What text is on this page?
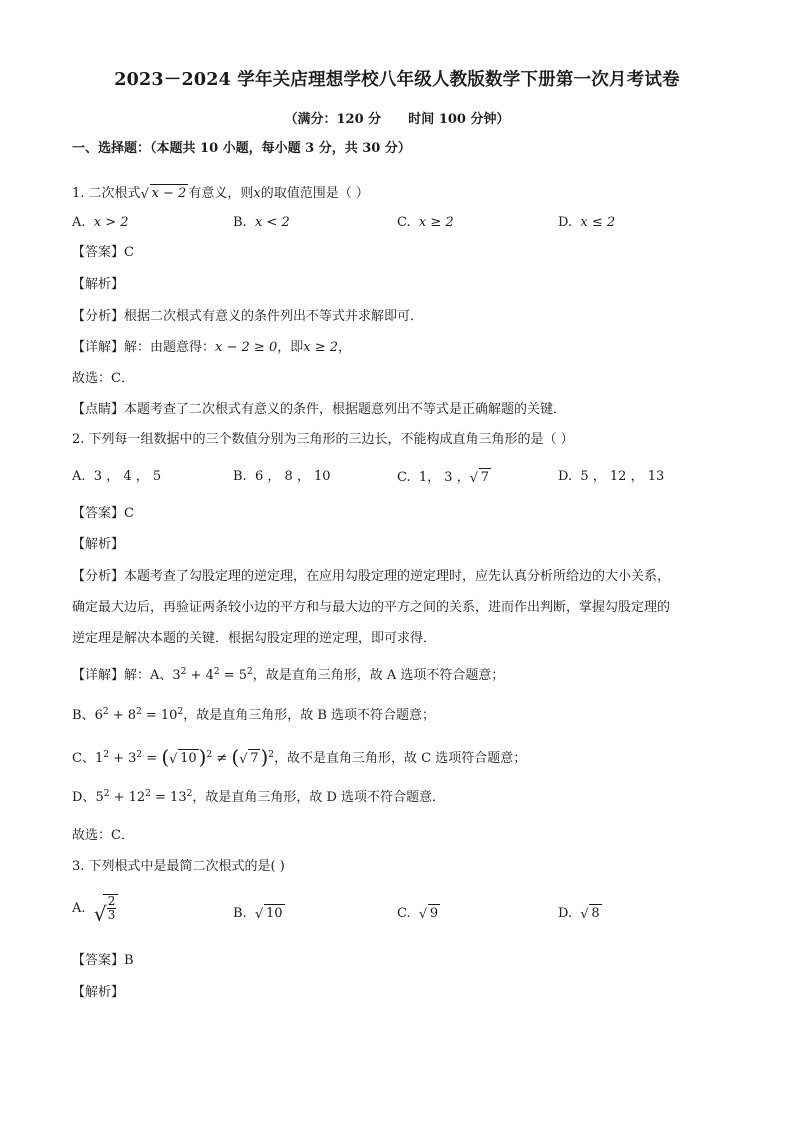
2023－2024 学年关店理想学校八年级人教版数学下册第一次月考试卷
（满分：120 分      时间 100 分钟）
一、选择题：（本题共 10 小题，每小题 3 分，共 30 分）
1. 二次根式 √ x − 2 有意义，则x的取值范围是（ ）
A. x > 2	B. x < 2	C. x ≥ 2	D. x ≤ 2
【答案】C
【解析】
【分析】根据二次根式有意义的条件列出不等式并求解即可．
【详解】解：由题意得：x − 2 ≥ 0，即x ≥ 2，
故选：C．
【点睛】本题考查了二次根式有意义的条件，根据题意列出不等式是正确解题的关键．
2. 下列每一组数据中的三个数值分别为三角形的三边长，不能构成直角三角形的是（ ）
A. 3 ， 4 ， 5	B. 6 ， 8 ， 10	C. 1， 3 ， √ 7	D. 5 ， 12 ， 13
【答案】C
【解析】
【分析】本题考查了勾股定理的逆定理，在应用勾股定理的逆定理时，应先认真分析所给边的大小关系，
确定最大边后，再验证两条较小边的平方和与最大边的平方之间的关系，进而作出判断，掌握勾股定理的
逆定理是解决本题的关键．根据勾股定理的逆定理，即可求得．
【详解】解：A、$3^2 + 4^2 = 5^2$，故是直角三角形，故 A 选项不符合题意；
B、$6^2 + 8^2 = 10^2$，故是直角三角形，故 B 选项不符合题意；
C、$1^2 + 3^2$ = ( √ 10 )$^2$ ≠ ( √ 7 )$^2$，故不是直角三角形，故 C 选项符合题意；
D、$5^2 + 12^2 = 13^2$，故是直角三角形，故 D 选项不符合题意．
故选：C．
3. 下列根式中是最简二次根式的是( )
A. √ $\frac{2}{3}$	B. √ 10	C. √ 9	D. √ 8
【答案】B
【解析】
